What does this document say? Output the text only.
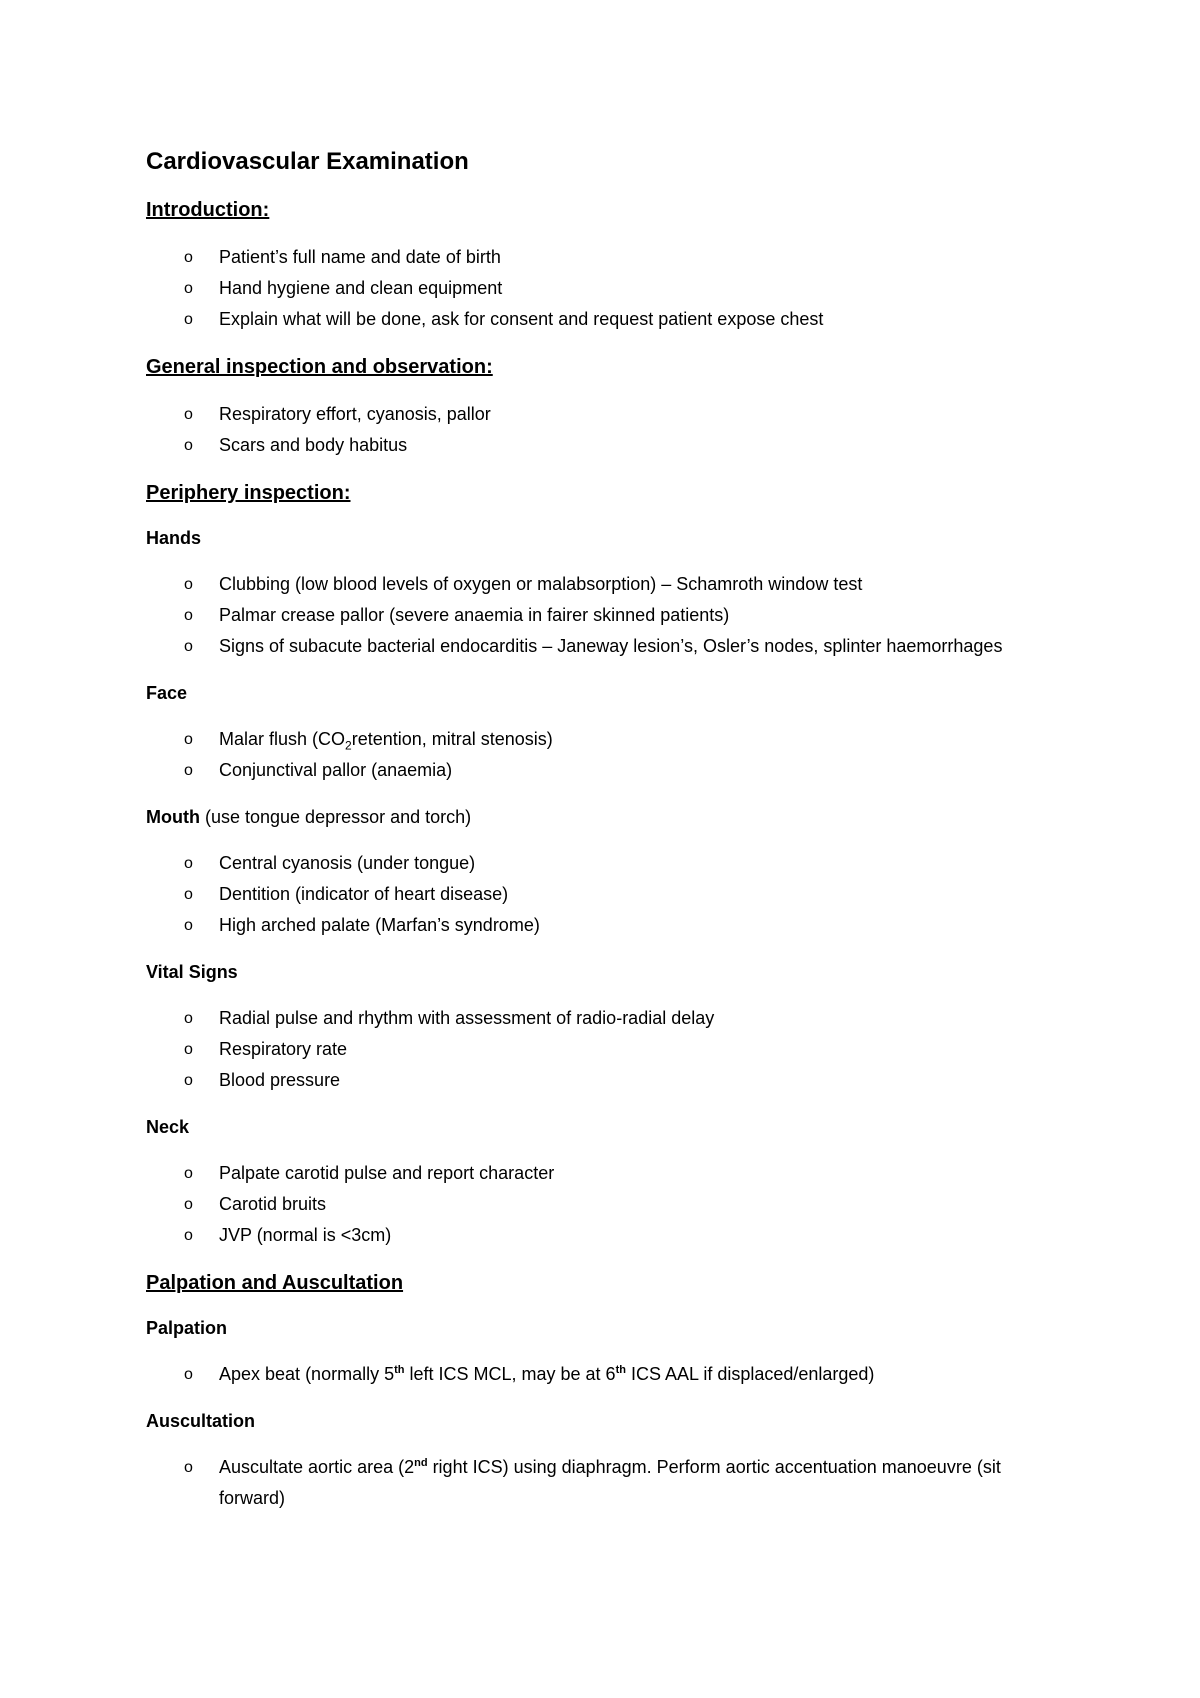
Cardiovascular Examination
Introduction:
o Patient’s full name and date of birth
o Hand hygiene and clean equipment
o Explain what will be done, ask for consent and request patient expose chest
General inspection and observation:
o Respiratory effort, cyanosis, pallor
o Scars and body habitus
Periphery inspection:
Hands
o Clubbing (low blood levels of oxygen or malabsorption) – Schamroth window test
o Palmar crease pallor (severe anaemia in fairer skinned patients)
o Signs of subacute bacterial endocarditis – Janeway lesion’s, Osler’s nodes, splinter haemorrhages
Face
o Malar flush ($CO_2retention$, mitral stenosis)
o Conjunctival pallor (anaemia)
Mouth (use tongue depressor and torch)
o Central cyanosis (under tongue)
o Dentition (indicator of heart disease)
o High arched palate (Marfan’s syndrome)
Vital Signs
o Radial pulse and rhythm with assessment of radio-radial delay
o Respiratory rate
o Blood pressure
Neck
o Palpate carotid pulse and report character
o Carotid bruits
o JVP (normal is <3cm)
Palpation and Auscultation
Palpation
o Apex beat (normally 5th left ICS MCL, may be at 6th ICS AAL if displaced/enlarged)
Auscultation
o Auscultate aortic area (2nd right ICS) using diaphragm. Perform aortic accentuation manoeuvre (sit forward)
